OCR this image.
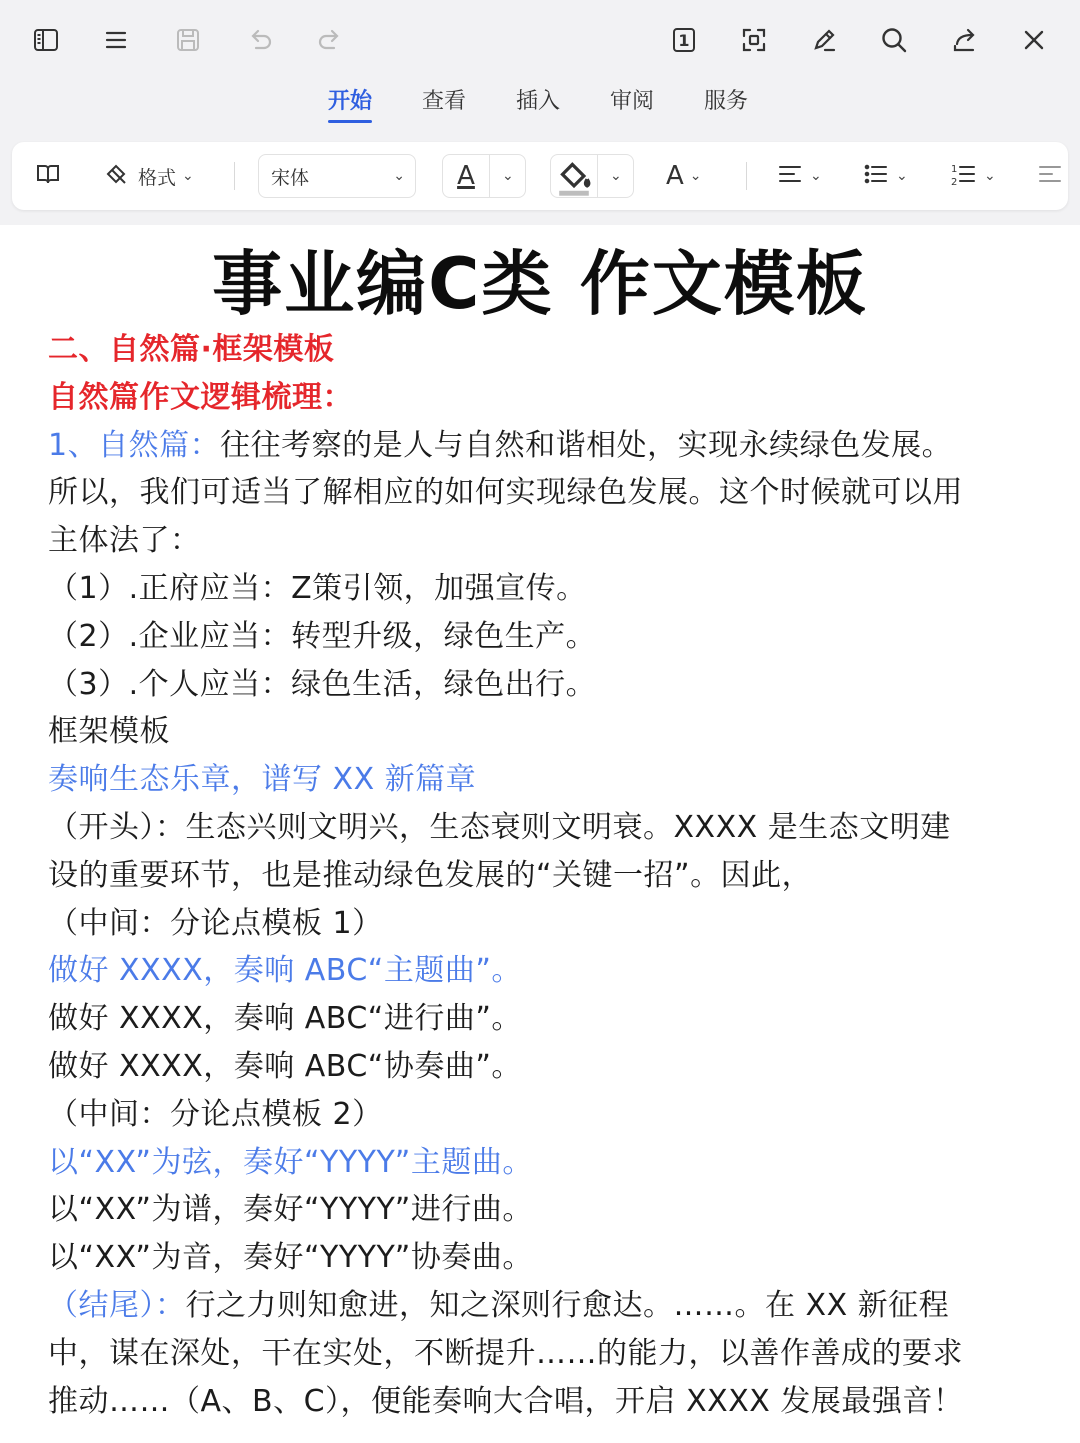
1
开始 查看 插入 审阅 服务
格式 ⌄	宋体	⌄	A	⌄	⌄ A ⌄	⌄	⌄	1
2 ⌄
事业编C类 作文模板
二、自然篇·框架模板
自然篇作文逻辑梳理：
1、自然篇：往往考察的是人与自然和谐相处，实现永续绿色发展。
所以，我们可适当了解相应的如何实现绿色发展。这个时候就可以用
主体法了：
（1）.正府应当：Z策引领，加强宣传。
（2）.企业应当：转型升级，绿色生产。
（3）.个人应当：绿色生活，绿色出行。
框架模板
奏响生态乐章，谱写 XX 新篇章
（开头）：生态兴则文明兴，生态衰则文明衰。XXXX 是生态文明建
设的重要环节，也是推动绿色发展的“关键一招”。因此，
（中间：分论点模板 1）
做好 XXXX，奏响 ABC“主题曲”。
做好 XXXX，奏响 ABC“进行曲”。
做好 XXXX，奏响 ABC“协奏曲”。
（中间：分论点模板 2）
以“XX”为弦，奏好“YYYY”主题曲。
以“XX”为谱，奏好“YYYY”进行曲。
以“XX”为音，奏好“YYYY”协奏曲。
（结尾）：行之力则知愈进，知之深则行愈达。……。在 XX 新征程
中，谋在深处，干在实处，不断提升……的能力，以善作善成的要求
推动……（A、B、C），便能奏响大合唱，开启 XXXX 发展最强音！
